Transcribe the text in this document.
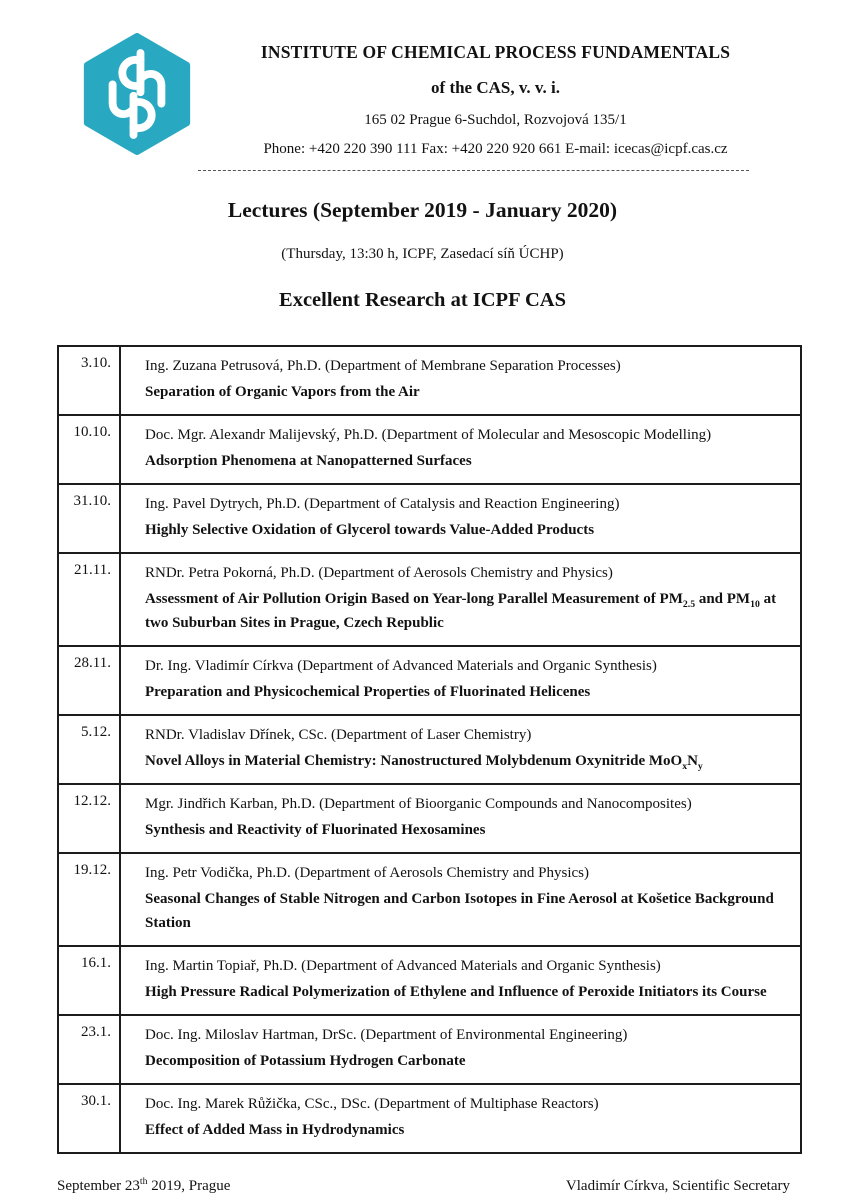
INSTITUTE OF CHEMICAL PROCESS FUNDAMENTALS
of the CAS, v. v. i.
165 02 Prague 6-Suchdol, Rozvojová 135/1
Phone: +420 220 390 111 Fax: +420 220 920 661 E-mail: icecas@icpf.cas.cz
Lectures (September 2019 - January 2020)
(Thursday, 13:30 h, ICPF, Zasedací síň ÚCHP)
Excellent Research at ICPF CAS
3.10.	Ing. Zuzana Petrusová, Ph.D. (Department of Membrane Separation Processes)
Separation of Organic Vapors from the Air

10.10.	Doc. Mgr. Alexandr Malijevský, Ph.D. (Department of Molecular and Mesoscopic Modelling)
Adsorption Phenomena at Nanopatterned Surfaces

31.10.	Ing. Pavel Dytrych, Ph.D. (Department of Catalysis and Reaction Engineering)
Highly Selective Oxidation of Glycerol towards Value-Added Products

21.11.	RNDr. Petra Pokorná, Ph.D. (Department of Aerosols Chemistry and Physics)
Assessment of Air Pollution Origin Based on Year-long Parallel Measurement of $PM_{2.5}$ and $PM_{10}$ at two Suburban Sites in Prague, Czech Republic

28.11.	Dr. Ing. Vladimír Církva (Department of Advanced Materials and Organic Synthesis)
Preparation and Physicochemical Properties of Fluorinated Helicenes

5.12.	RNDr. Vladislav Dřínek, CSc. (Department of Laser Chemistry)
Novel Alloys in Material Chemistry: Nanostructured Molybdenum Oxynitride $MoO_xN_y$

12.12.	Mgr. Jindřich Karban, Ph.D. (Department of Bioorganic Compounds and Nanocomposites)
Synthesis and Reactivity of Fluorinated Hexosamines

19.12.	Ing. Petr Vodička, Ph.D. (Department of Aerosols Chemistry and Physics)
Seasonal Changes of Stable Nitrogen and Carbon Isotopes in Fine Aerosol at Košetice Background Station

16.1.	Ing. Martin Topiař, Ph.D. (Department of Advanced Materials and Organic Synthesis)
High Pressure Radical Polymerization of Ethylene and Influence of Peroxide Initiators its Course

23.1.	Doc. Ing. Miloslav Hartman, DrSc. (Department of Environmental Engineering)
Decomposition of Potassium Hydrogen Carbonate

30.1.	Doc. Ing. Marek Růžička, CSc., DSc. (Department of Multiphase Reactors)
Effect of Added Mass in Hydrodynamics
September 23th 2019, Prague	Vladimír Církva, Scientific Secretary
